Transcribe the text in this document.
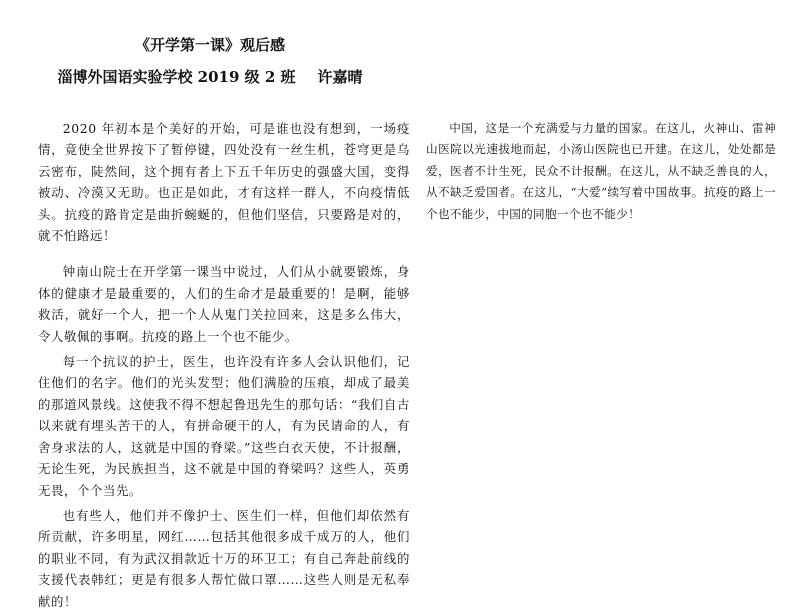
《开学第一课》观后感
淄博外国语实验学校 2019 级 2 班 许嘉晴

2020 年初本是个美好的开始，可是谁也没有想到，一场疫情，竟使全世界按下了暂停键，四处没有一丝生机，苍穹更是乌云密布，陡然间，这个拥有者上下五千年历史的强盛大国，变得被动、冷漠又无助。也正是如此，才有这样一群人，不向疫情低头。抗疫的路肯定是曲折蜿蜒的，但他们坚信，只要路是对的，就不怕路远！

钟南山院士在开学第一课当中说过，人们从小就要锻炼，身体的健康才是最重要的，人们的生命才是最重要的！是啊，能够救活，就好一个人，把一个人从鬼门关拉回来，这是多么伟大，令人敬佩的事啊。抗疫的路上一个也不能少。

每一个抗议的护士，医生，也许没有许多人会认识他们，记住他们的名字。他们的光头发型；他们满脸的压痕，却成了最美的那道风景线。这使我不得不想起鲁迅先生的那句话：“我们自古以来就有埋头苦干的人，有拼命硬干的人，有为民请命的人，有舍身求法的人，这就是中国的脊梁。”这些白衣天使，不计报酬，无论生死，为民族担当，这不就是中国的脊梁吗？这些人，英勇无畏，个个当先。

也有些人，他们并不像护士、医生们一样，但他们却依然有所贡献，许多明星，网红……包括其他很多成千成万的人，他们的职业不同，有为武汉捐款近十万的环卫工；有自己奔赴前线的支援代表韩红；更是有很多人帮忙做口罩……这些人则是无私奉献的！

中国，这是一个充满爱与力量的国家。在这儿，火神山、雷神山医院以光速拔地而起，小汤山医院也已开建。在这儿，处处都是爱，医者不计生死，民众不计报酬。在这儿，从不缺乏善良的人，从不缺乏爱国者。在这儿，“大爱”续写着中国故事。抗疫的路上一个也不能少，中国的同胞一个也不能少！
